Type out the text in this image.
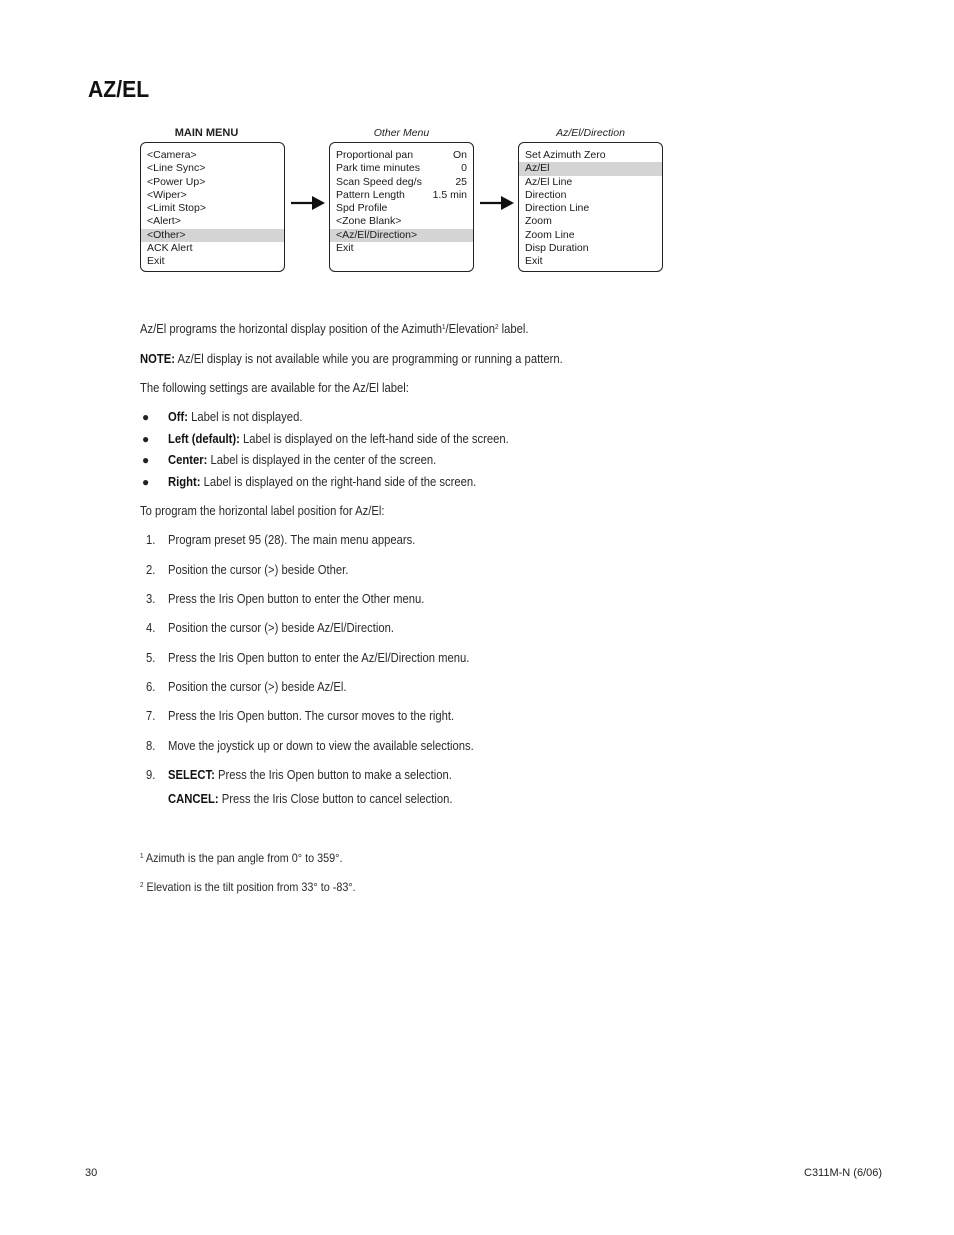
AZ/EL
MAIN MENU
<Camera>
<Line Sync>
<Power Up>
<Wiper>
<Limit Stop>
<Alert>
<Other>
ACK Alert
Exit
Other Menu
Proportional pan	On
Park time minutes	0
Scan Speed deg/s	25
Pattern Length	1.5 min
Spd Profile
<Zone Blank>
<Az/El/Direction>
Exit
Az/El/Direction
Set Azimuth Zero
Az/El
Az/El Line
Direction
Direction Line
Zoom
Zoom Line
Disp Duration
Exit
Az/El programs the horizontal display position of the Azimuth$^1$/Elevation$^2$ label.
NOTE: Az/El display is not available while you are programming or running a pattern.
The following settings are available for the Az/El label:
● Off: Label is not displayed.
● Left (default): Label is displayed on the left-hand side of the screen.
● Center: Label is displayed in the center of the screen.
● Right: Label is displayed on the right-hand side of the screen.
To program the horizontal label position for Az/El:
1. Program preset 95 (28). The main menu appears.
2. Position the cursor (>) beside Other.
3. Press the Iris Open button to enter the Other menu.
4. Position the cursor (>) beside Az/El/Direction.
5. Press the Iris Open button to enter the Az/El/Direction menu.
6. Position the cursor (>) beside Az/El.
7. Press the Iris Open button. The cursor moves to the right.
8. Move the joystick up or down to view the available selections.
9. SELECT: Press the Iris Open button to make a selection.
CANCEL: Press the Iris Close button to cancel selection.
$^1$ Azimuth is the pan angle from 0° to 359°.
$^2$ Elevation is the tilt position from 33° to -83°.
30	C311M-N (6/06)
